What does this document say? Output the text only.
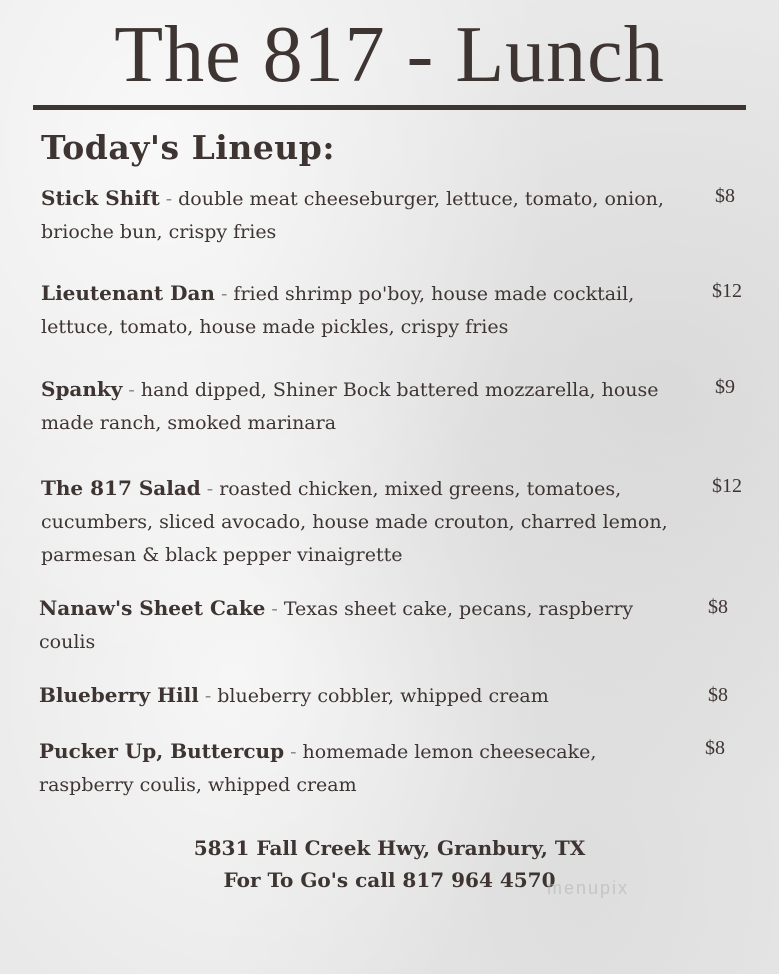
The 817 - Lunch
Today's Lineup:
Stick Shift - double meat cheeseburger, lettuce, tomato, onion, brioche bun, crispy fries
$8
Lieutenant Dan - fried shrimp po'boy, house made cocktail, lettuce, tomato, house made pickles, crispy fries
$12
Spanky - hand dipped, Shiner Bock battered mozzarella, house made ranch, smoked marinara
$9
The 817 Salad - roasted chicken, mixed greens, tomatoes, cucumbers, sliced avocado, house made crouton, charred lemon, parmesan & black pepper vinaigrette
$12
Nanaw's Sheet Cake - Texas sheet cake, pecans, raspberry coulis
$8
Blueberry Hill - blueberry cobbler, whipped cream	$8
Pucker Up, Buttercup - homemade lemon cheesecake, raspberry coulis, whipped cream
$8
5831 Fall Creek Hwy, Granbury, TX
For To Go's call 817 964 4570
menupix
